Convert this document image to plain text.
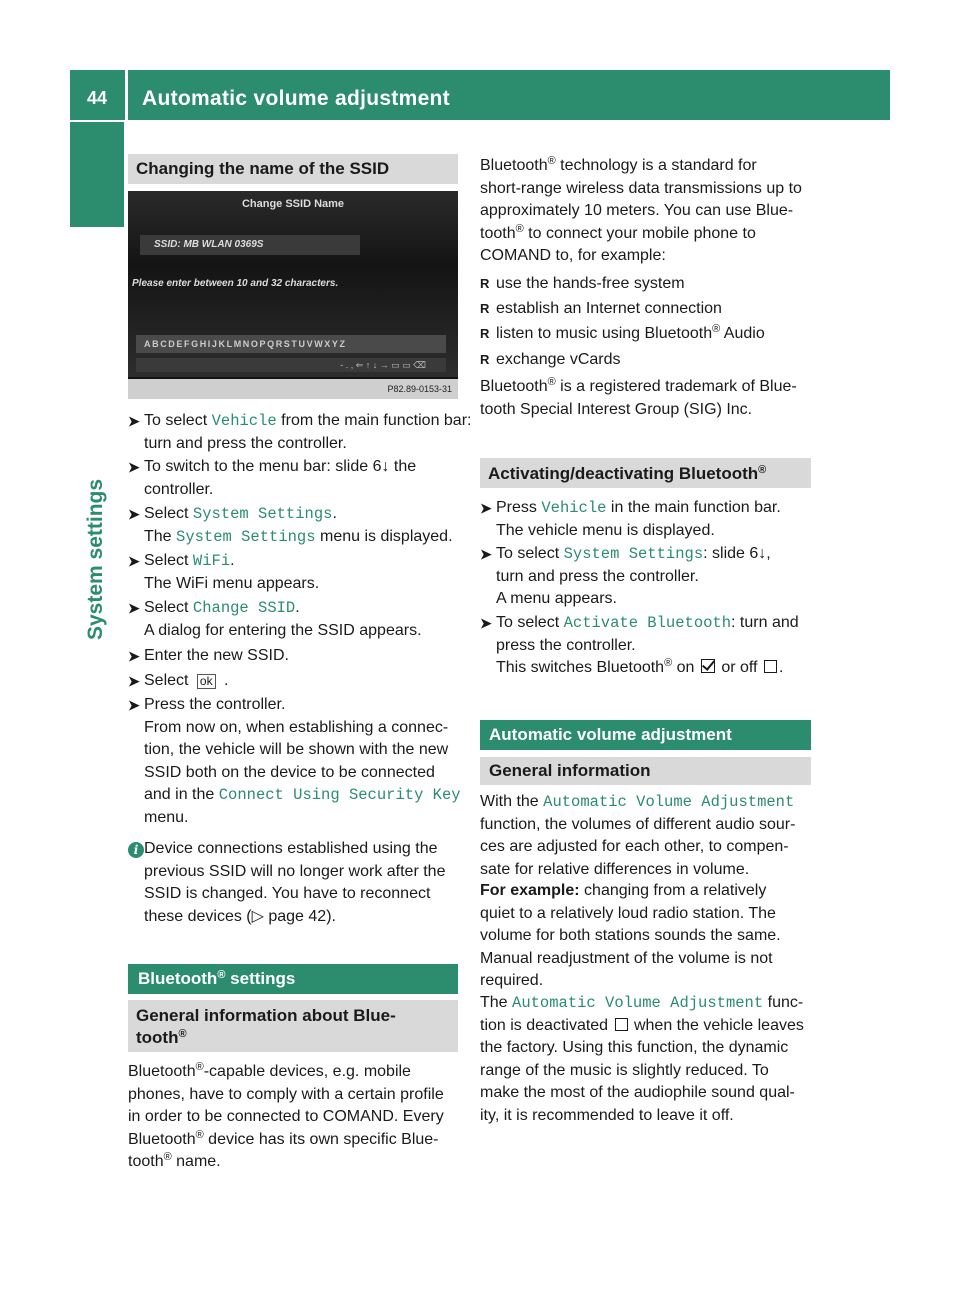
44	Automatic volume adjustment
System settings
Changing the name of the SSID
Change SSID Name
SSID: MB WLAN 0369S
Please enter between 10 and 32 characters.
ABCDEFGHIJKLMNOPQRSTUVWXYZ
- . , ⇐ ↑ ↓ → ▭ ▭ ⌫
P82.89-0153-31
➤ To select Vehicle from the main function bar: turn and press the controller.
➤ To switch to the menu bar: slide 6↓ the controller.
➤ Select System Settings.
The System Settings menu is displayed.
➤ Select WiFi.
The WiFi menu appears.
➤ Select Change SSID.
A dialog for entering the SSID appears.
➤ Enter the new SSID.
➤ Select ok .
➤ Press the controller.
From now on, when establishing a connec-
tion, the vehicle will be shown with the new
SSID both on the device to be connected
and in the Connect Using Security Key
menu.
i Device connections established using the
previous SSID will no longer work after the
SSID is changed. You have to reconnect
these devices (▷ page 42).
Bluetooth® settings
General information about Blue-
tooth®
Bluetooth®-capable devices, e.g. mobile
phones, have to comply with a certain profile
in order to be connected to COMAND. Every
Bluetooth® device has its own specific Blue-
tooth® name.
Bluetooth® technology is a standard for
short-range wireless data transmissions up to
approximately 10 meters. You can use Blue-
tooth® to connect your mobile phone to
COMAND to, for example:
R use the hands-free system
R establish an Internet connection
R listen to music using Bluetooth® Audio
R exchange vCards
Bluetooth® is a registered trademark of Blue-
tooth Special Interest Group (SIG) Inc.
Activating/deactivating Bluetooth®
➤ Press Vehicle in the main function bar.
The vehicle menu is displayed.
➤ To select System Settings: slide 6↓,
turn and press the controller.
A menu appears.
➤ To select Activate Bluetooth: turn and
press the controller.
This switches Bluetooth® on  or off .
Automatic volume adjustment
General information
With the Automatic Volume Adjustment
function, the volumes of different audio sour-
ces are adjusted for each other, to compen-
sate for relative differences in volume.
For example: changing from a relatively
quiet to a relatively loud radio station. The
volume for both stations sounds the same.
Manual readjustment of the volume is not
required.
The Automatic Volume Adjustment func-
tion is deactivated  when the vehicle leaves
the factory. Using this function, the dynamic
range of the music is slightly reduced. To
make the most of the audiophile sound qual-
ity, it is recommended to leave it off.
